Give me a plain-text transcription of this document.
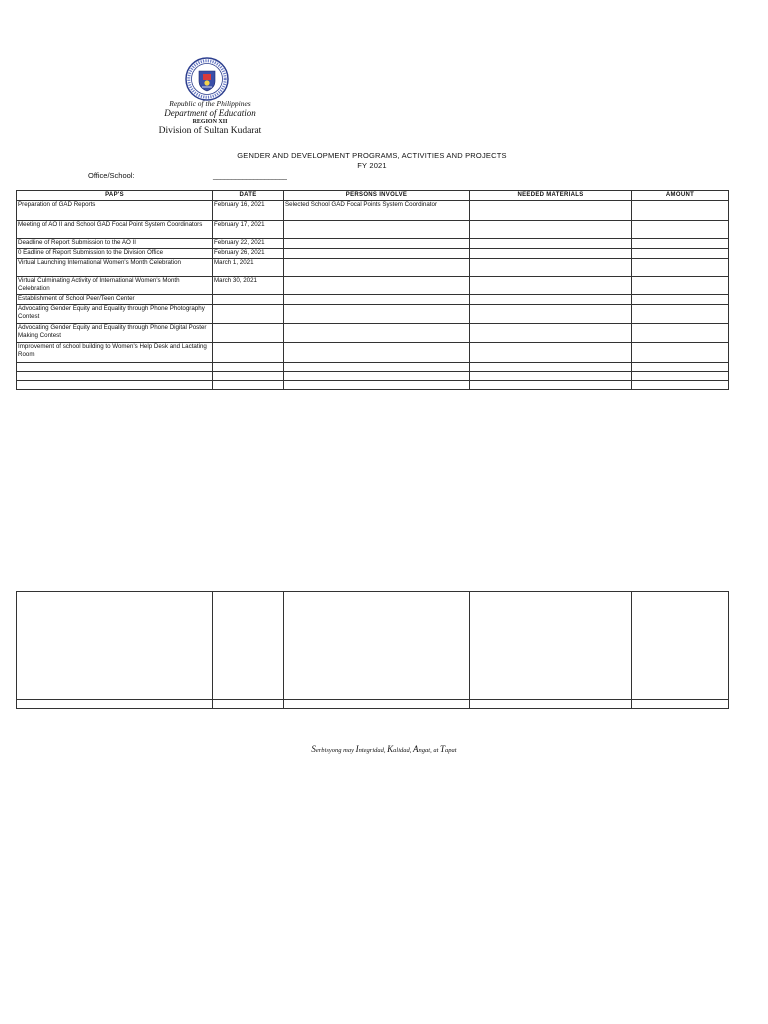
Republic of the Philippines
Department of Education
REGION XII
Division of Sultan Kudarat
GENDER AND DEVELOPMENT PROGRAMS, ACTIVITIES AND PROJECTS
FY 2021
Office/School:	____________________
PAP'S	DATE	PERSONS INVOLVE	NEEDED MATERIALS	AMOUNT
Preparation of GAD Reports	February 16, 2021	Selected School GAD Focal Points System Coordinator		
Meeting of AO II and School GAD Focal Point System Coordinators	February 17, 2021			
Deadline of Report Submission to the AO II	February 22, 2021			
0 Eadline of Report Submission to the Division Office	February 26, 2021			
Virtual Launching International Women's Month Celebration	March 1, 2021			
Virtual Culminating Activity of International Women's Month Celebration	March 30, 2021			
Establishment of School Peer/Teen Center				
Advocating Gender Equity and Equality through Phone Photography Contest				
Advocating Gender Equity and Equality through Phone Digital Poster Making Contest				
Improvement of school building to Women's Help Desk and Lactating Room				

Serbisyong may Integridad, Kalidad, Angat, at Tapat
